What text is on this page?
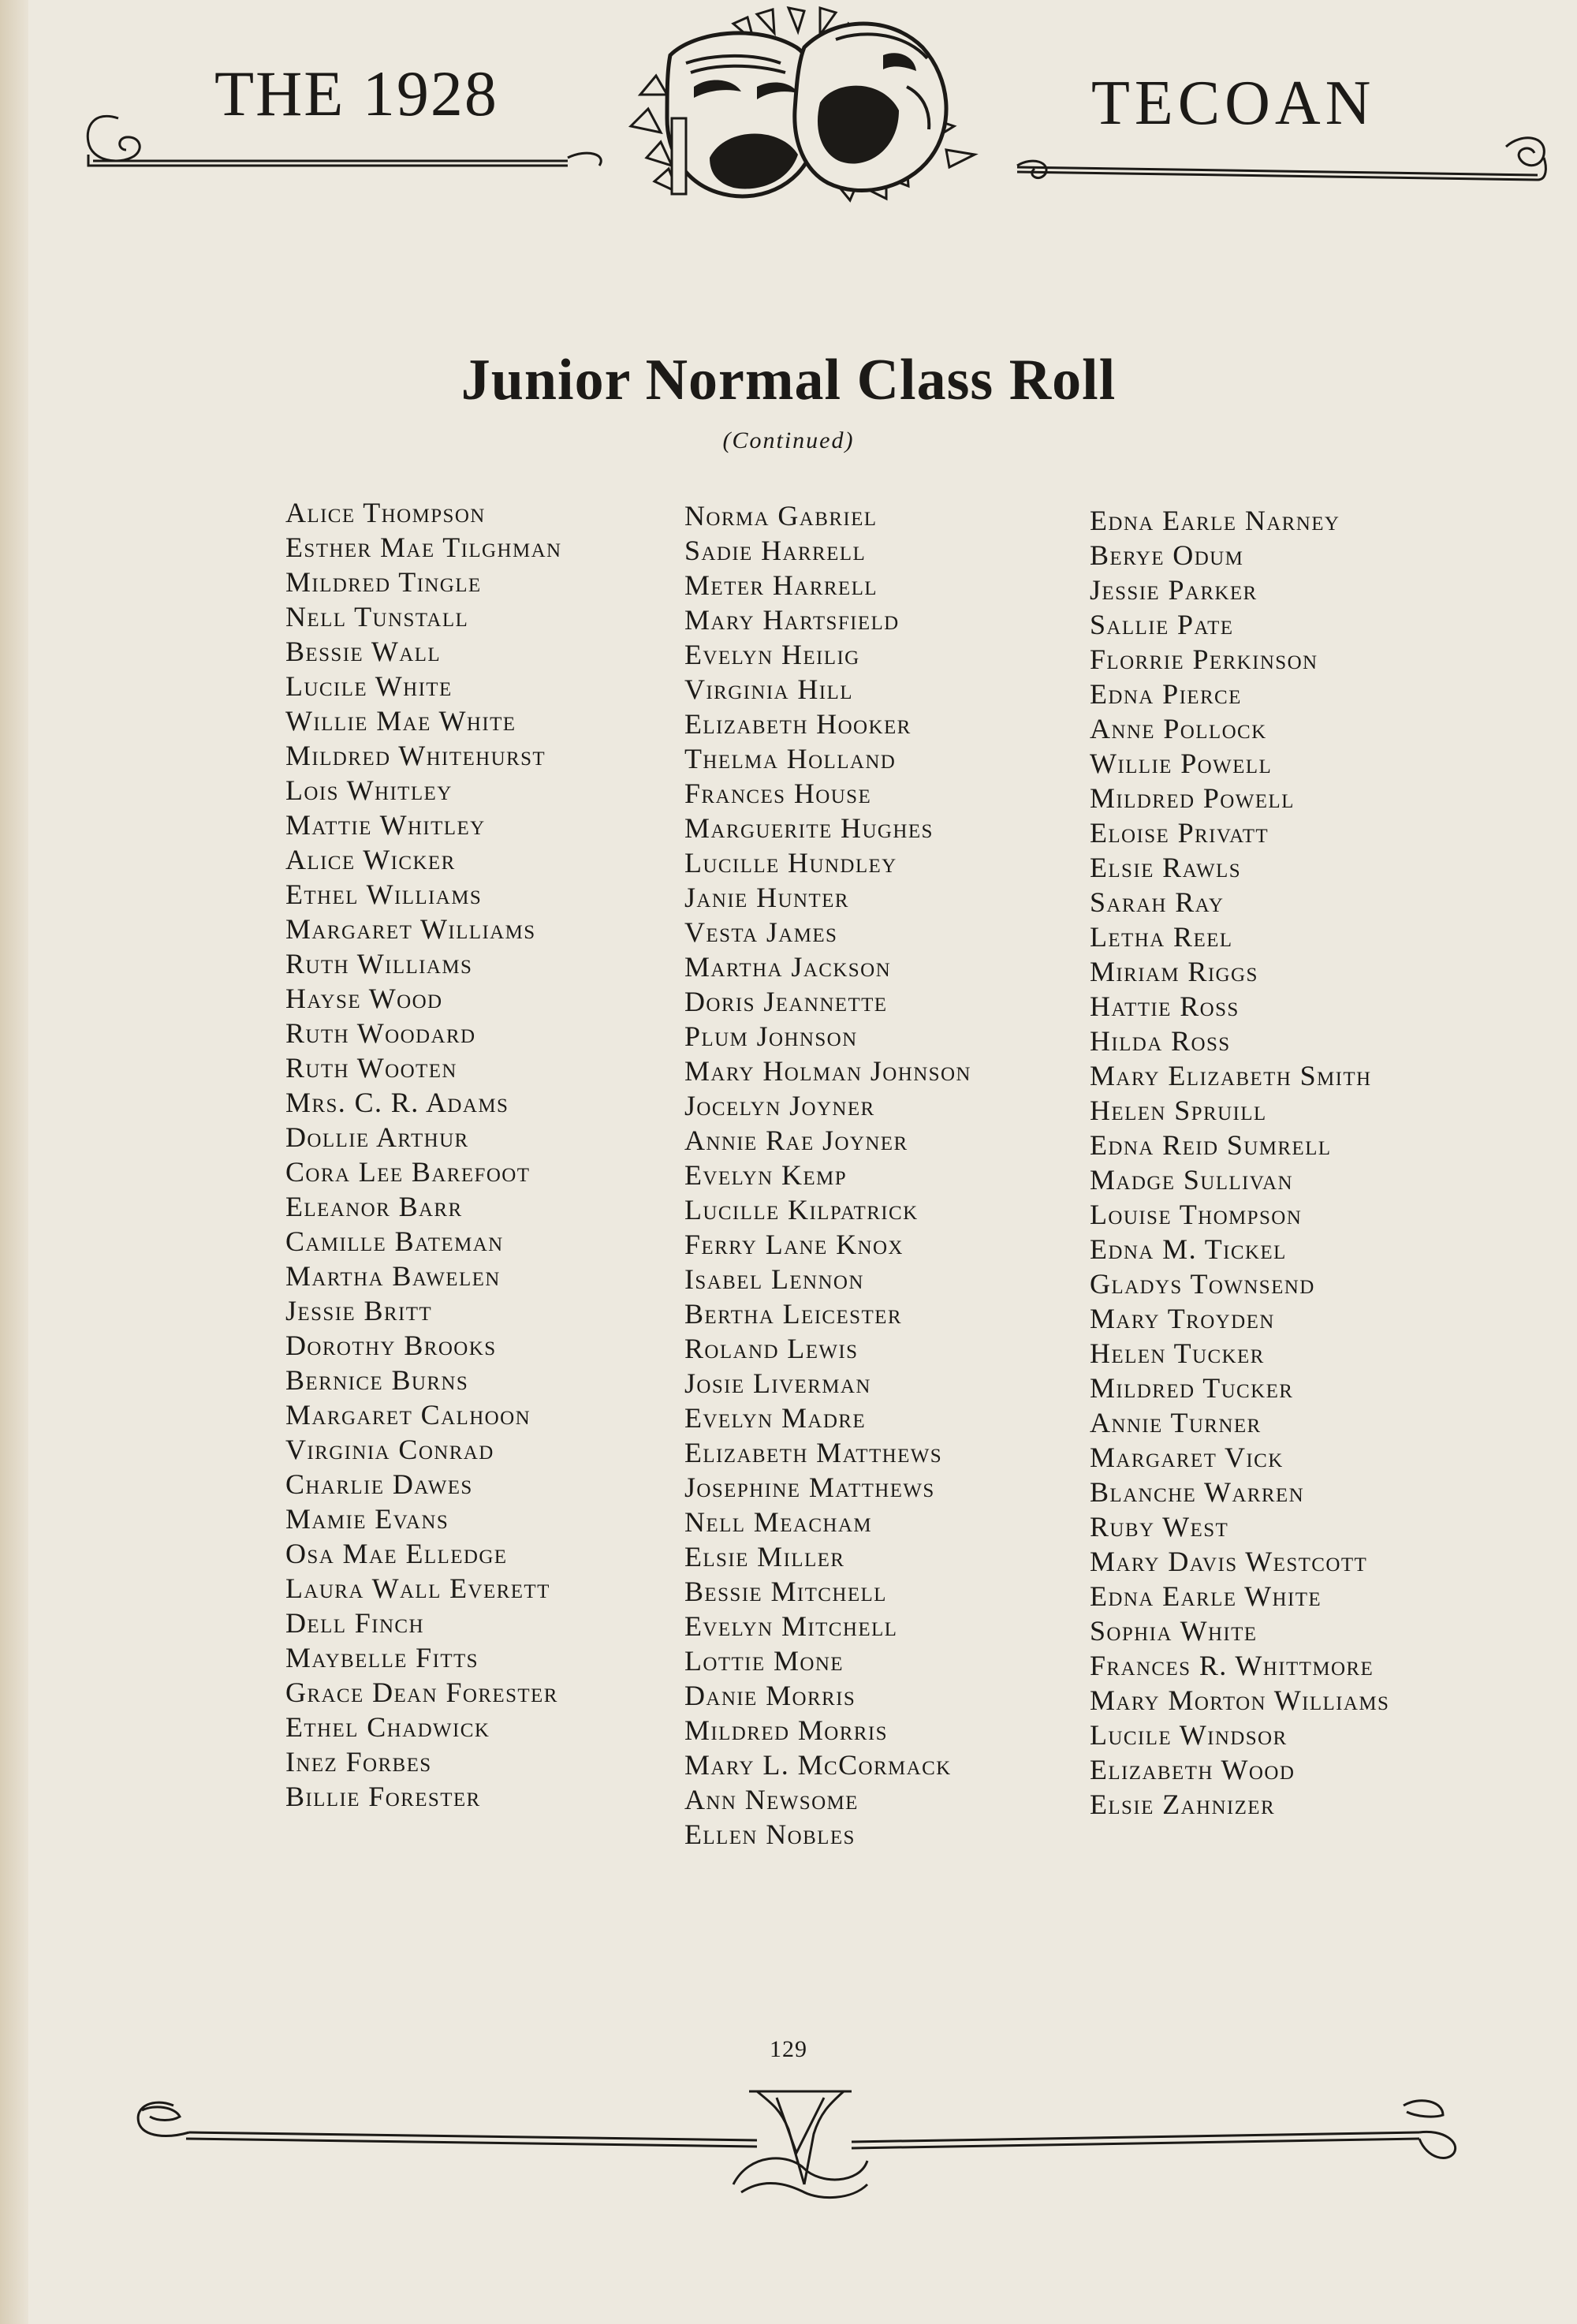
THE 1928	TECOAN
Junior Normal Class Roll
(Continued)
Alice Thompson
Esther Mae Tilghman
Mildred Tingle
Nell Tunstall
Bessie Wall
Lucile White
Willie Mae White
Mildred Whitehurst
Lois Whitley
Mattie Whitley
Alice Wicker
Ethel Williams
Margaret Williams
Ruth Williams
Hayse Wood
Ruth Woodard
Ruth Wooten
Mrs. C. R. Adams
Dollie Arthur
Cora Lee Barefoot
Eleanor Barr
Camille Bateman
Martha Bawelen
Jessie Britt
Dorothy Brooks
Bernice Burns
Margaret Calhoon
Virginia Conrad
Charlie Dawes
Mamie Evans
Osa Mae Elledge
Laura Wall Everett
Dell Finch
Maybelle Fitts
Grace Dean Forester
Ethel Chadwick
Inez Forbes
Billie Forester
Norma Gabriel
Sadie Harrell
Meter Harrell
Mary Hartsfield
Evelyn Heilig
Virginia Hill
Elizabeth Hooker
Thelma Holland
Frances House
Marguerite Hughes
Lucille Hundley
Janie Hunter
Vesta James
Martha Jackson
Doris Jeannette
Plum Johnson
Mary Holman Johnson
Jocelyn Joyner
Annie Rae Joyner
Evelyn Kemp
Lucille Kilpatrick
Ferry Lane Knox
Isabel Lennon
Bertha Leicester
Roland Lewis
Josie Liverman
Evelyn Madre
Elizabeth Matthews
Josephine Matthews
Nell Meacham
Elsie Miller
Bessie Mitchell
Evelyn Mitchell
Lottie Mone
Danie Morris
Mildred Morris
Mary L. McCormack
Ann Newsome
Ellen Nobles
Edna Earle Narney
Berye Odum
Jessie Parker
Sallie Pate
Florrie Perkinson
Edna Pierce
Anne Pollock
Willie Powell
Mildred Powell
Eloise Privatt
Elsie Rawls
Sarah Ray
Letha Reel
Miriam Riggs
Hattie Ross
Hilda Ross
Mary Elizabeth Smith
Helen Spruill
Edna Reid Sumrell
Madge Sullivan
Louise Thompson
Edna M. Tickel
Gladys Townsend
Mary Troyden
Helen Tucker
Mildred Tucker
Annie Turner
Margaret Vick
Blanche Warren
Ruby West
Mary Davis Westcott
Edna Earle White
Sophia White
Frances R. Whittmore
Mary Morton Williams
Lucile Windsor
Elizabeth Wood
Elsie Zahnizer
129
